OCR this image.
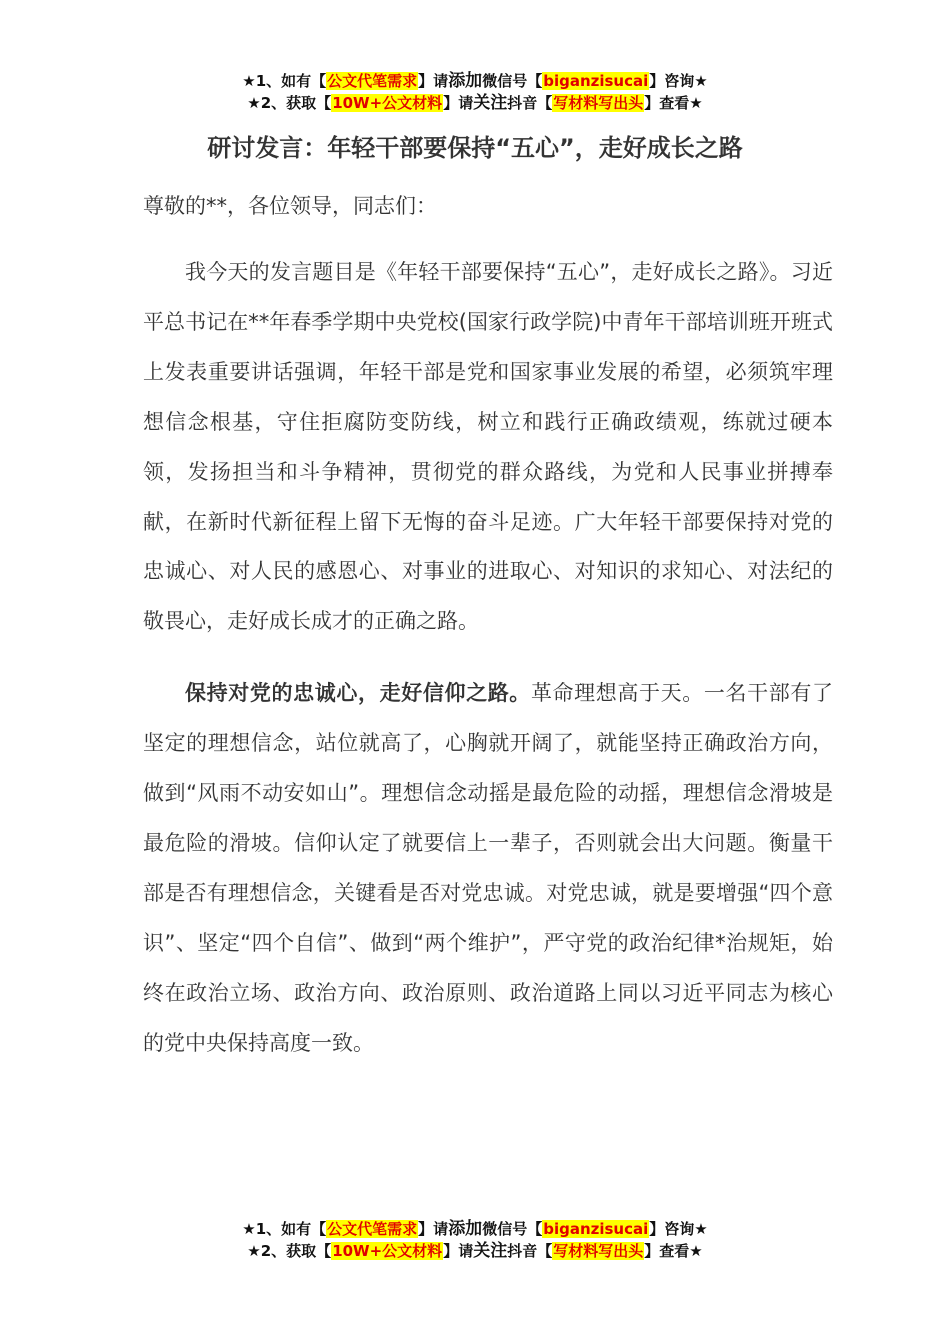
★1、如有【公文代笔需求】请添加微信号【biganzisucai】咨询★
★2、获取【10W+公文材料】请关注抖音【写材料写出头】查看★
研讨发言：年轻干部要保持“五心”，走好成长之路

尊敬的**，各位领导，同志们：

我今天的发言题目是《年轻干部要保持“五心”，走好成长之路》。习近平总书记在**年春季学期中央党校(国家行政学院)中青年干部培训班开班式上发表重要讲话强调，年轻干部是党和国家事业发展的希望，必须筑牢理想信念根基，守住拒腐防变防线，树立和践行正确政绩观，练就过硬本领，发扬担当和斗争精神，贯彻党的群众路线，为党和人民事业拼搏奉献，在新时代新征程上留下无悔的奋斗足迹。广大年轻干部要保持对党的忠诚心、对人民的感恩心、对事业的进取心、对知识的求知心、对法纪的敬畏心，走好成长成才的正确之路。

保持对党的忠诚心，走好信仰之路。革命理想高于天。一名干部有了坚定的理想信念，站位就高了，心胸就开阔了，就能坚持正确政治方向，做到“风雨不动安如山”。理想信念动摇是最危险的动摇，理想信念滑坡是最危险的滑坡。信仰认定了就要信上一辈子，否则就会出大问题。衡量干部是否有理想信念，关键看是否对党忠诚。对党忠诚，就是要增强“四个意识”、坚定“四个自信”、做到“两个维护”，严守党的政治纪律*治规矩，始终在政治立场、政治方向、政治原则、政治道路上同以习近平同志为核心的党中央保持高度一致。

★1、如有【公文代笔需求】请添加微信号【biganzisucai】咨询★
★2、获取【10W+公文材料】请关注抖音【写材料写出头】查看★
